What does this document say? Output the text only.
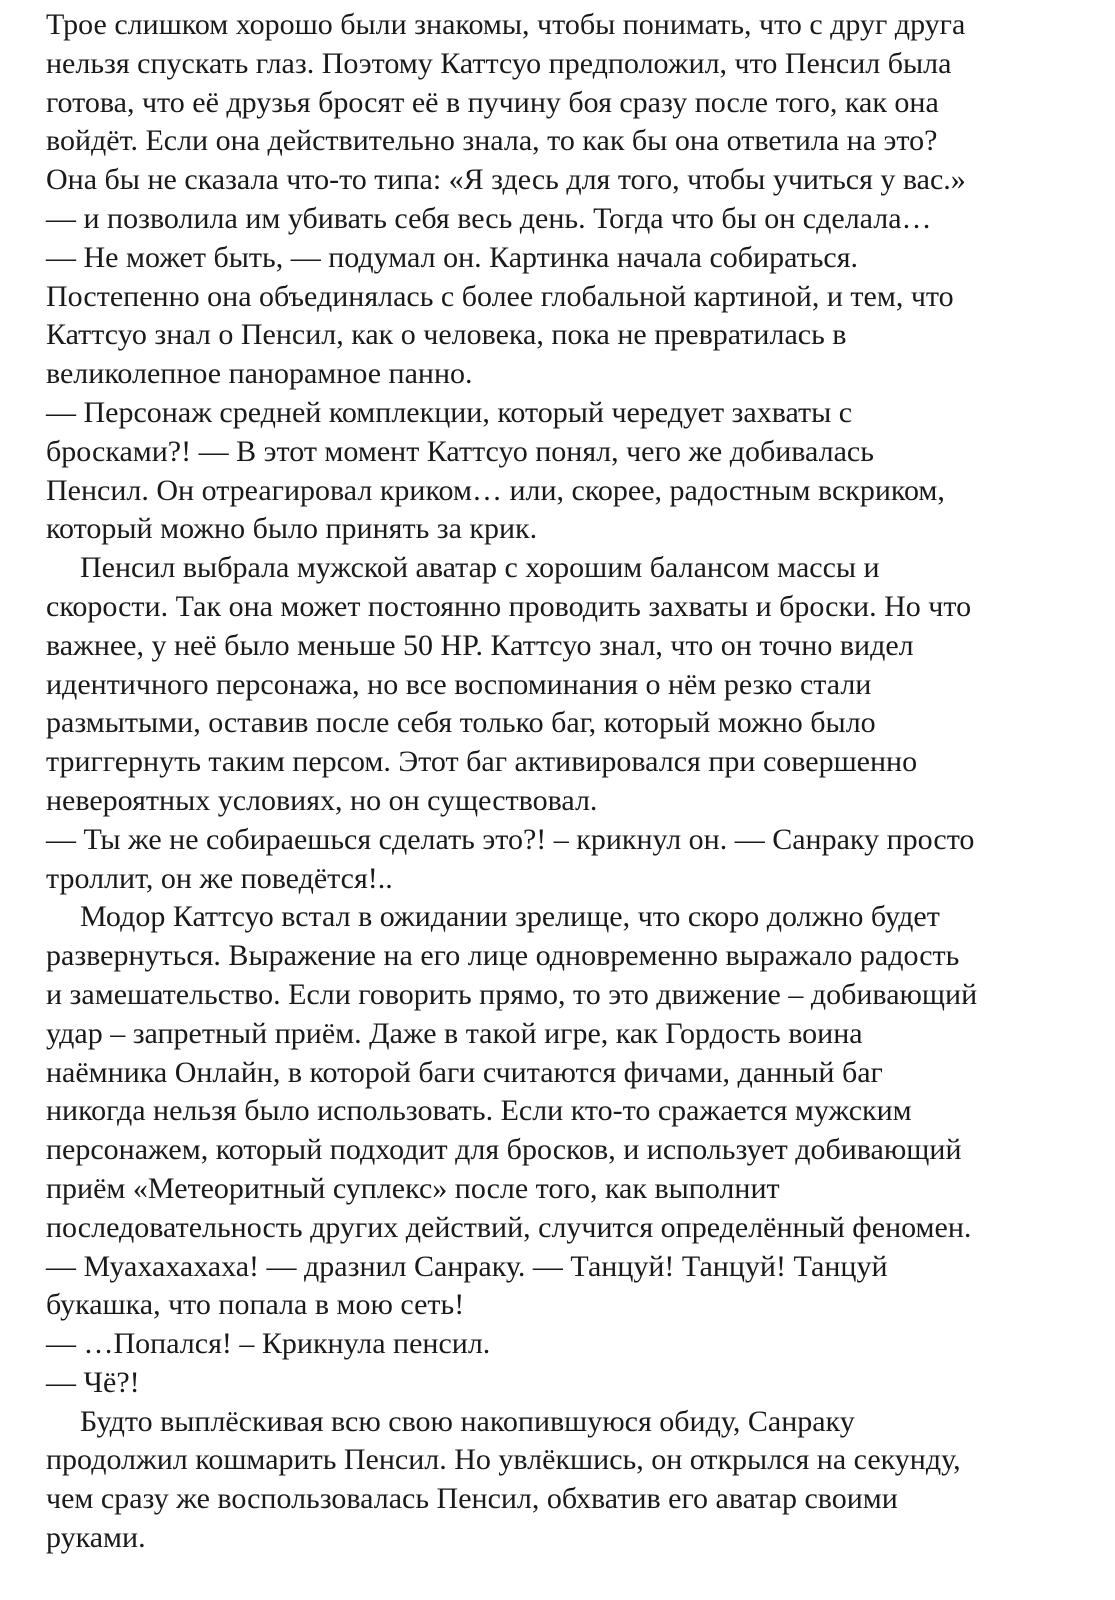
Трое слишком хорошо были знакомы, чтобы понимать, что с друг друга
нельзя спускать глаз. Поэтому Каттсуо предположил, что Пенсил была
готова, что её друзья бросят её в пучину боя сразу после того, как она
войдёт. Если она действительно знала, то как бы она ответила на это?
Она бы не сказала что-то типа: «Я здесь для того, чтобы учиться у вас.»
— и позволила им убивать себя весь день. Тогда что бы он сделала…
— Не может быть, — подумал он. Картинка начала собираться.
Постепенно она объединялась с более глобальной картиной, и тем, что
Каттсуо знал о Пенсил, как о человека, пока не превратилась в
великолепное панорамное панно.
— Персонаж средней комплекции, который чередует захваты с
бросками?! — В этот момент Каттсуо понял, чего же добивалась
Пенсил. Он отреагировал криком… или, скорее, радостным вскриком,
который можно было принять за крик.
Пенсил выбрала мужской аватар с хорошим балансом массы и
скорости. Так она может постоянно проводить захваты и броски. Но что
важнее, у неё было меньше 50 HP. Каттсуо знал, что он точно видел
идентичного персонажа, но все воспоминания о нём резко стали
размытыми, оставив после себя только баг, который можно было
триггернуть таким персом. Этот баг активировался при совершенно
невероятных условиях, но он существовал.
— Ты же не собираешься сделать это?! – крикнул он. — Санраку просто
троллит, он же поведётся!..
Модор Каттсуо встал в ожидании зрелище, что скоро должно будет
развернуться. Выражение на его лице одновременно выражало радость
и замешательство. Если говорить прямо, то это движение – добивающий
удар – запретный приём. Даже в такой игре, как Гордость воина
наёмника Онлайн, в которой баги считаются фичами, данный баг
никогда нельзя было использовать. Если кто-то сражается мужским
персонажем, который подходит для бросков, и использует добивающий
приём «Метеоритный суплекс» после того, как выполнит
последовательность других действий, случится определённый феномен.
— Муахахахаха! — дразнил Санраку. — Танцуй! Танцуй! Танцуй
букашка, что попала в мою сеть!
— …Попался! – Крикнула пенсил.
— Чё?!
Будто выплёскивая всю свою накопившуюся обиду, Санраку
продолжил кошмарить Пенсил. Но увлёкшись, он открылся на секунду,
чем сразу же воспользовалась Пенсил, обхватив его аватар своими
руками.
